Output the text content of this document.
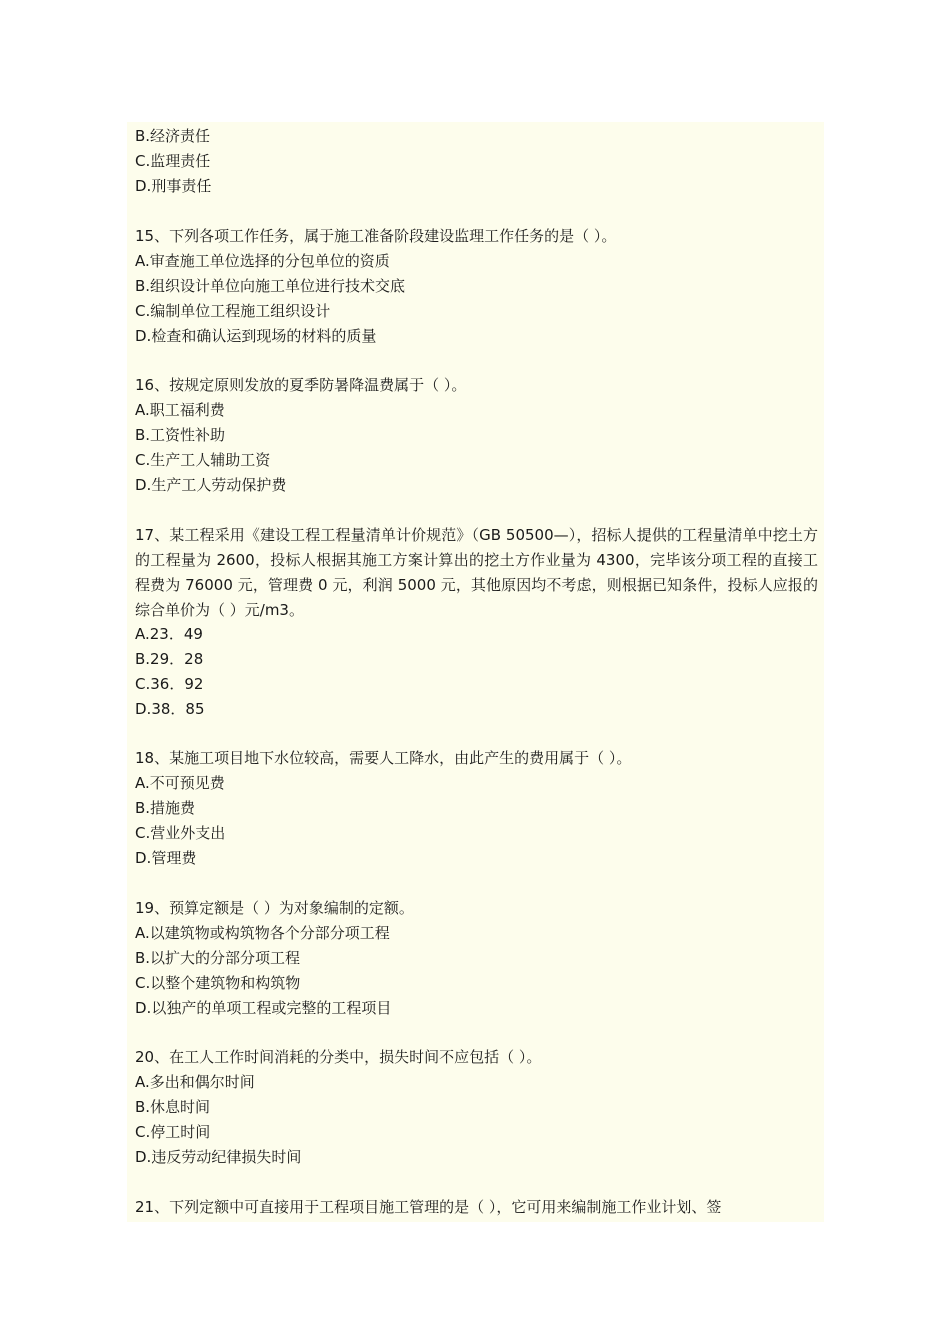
B.经济责任
C.监理责任
D.刑事责任
15、下列各项工作任务，属于施工准备阶段建设监理工作任务的是（ ）。
A.审查施工单位选择的分包单位的资质
B.组织设计单位向施工单位进行技术交底
C.编制单位工程施工组织设计
D.检查和确认运到现场的材料的质量
16、按规定原则发放的夏季防暑降温费属于（ ）。
A.职工福利费
B.工资性补助
C.生产工人辅助工资
D.生产工人劳动保护费
17、某工程采用《建设工程工程量清单计价规范》（GB 50500—），招标人提供的工程量清单中挖土方的工程量为 2600，投标人根据其施工方案计算出的挖土方作业量为 4300，完毕该分项工程的直接工程费为 76000 元，管理费 0 元，利润 5000 元，其他原因均不考虑，则根据已知条件，投标人应报的综合单价为（ ）元/m3。
A.23．49
B.29．28
C.36．92
D.38．85
18、某施工项目地下水位较高，需要人工降水，由此产生的费用属于（ ）。
A.不可预见费
B.措施费
C.营业外支出
D.管理费
19、预算定额是（ ）为对象编制的定额。
A.以建筑物或构筑物各个分部分项工程
B.以扩大的分部分项工程
C.以整个建筑物和构筑物
D.以独产的单项工程或完整的工程项目
20、在工人工作时间消耗的分类中，损失时间不应包括（ ）。
A.多出和偶尔时间
B.休息时间
C.停工时间
D.违反劳动纪律损失时间
21、下列定额中可直接用于工程项目施工管理的是（ ），它可用来编制施工作业计划、签
